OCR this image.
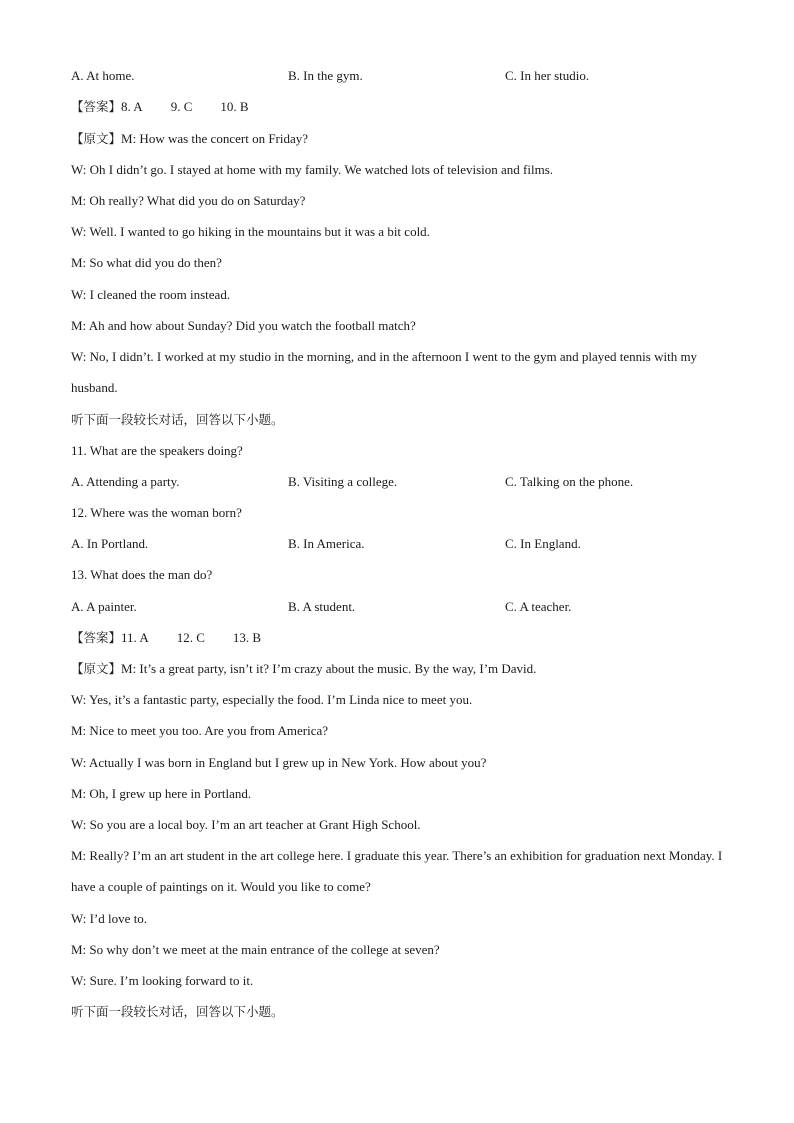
A. At home.	B. In the gym.	C. In her studio.
【答案】8. A 9. C 10. B
【原文】M: How was the concert on Friday?
W: Oh I didn’t go. I stayed at home with my family. We watched lots of television and films.
M: Oh really? What did you do on Saturday?
W: Well. I wanted to go hiking in the mountains but it was a bit cold.
M: So what did you do then?
W: I cleaned the room instead.
M: Ah and how about Sunday? Did you watch the football match?
W: No, I didn’t. I worked at my studio in the morning, and in the afternoon I went to the gym and played tennis with my husband.
听下面一段较长对话，回答以下小题。
11. What are the speakers doing?
A. Attending a party.	B. Visiting a college.	C. Talking on the phone.
12. Where was the woman born?
A. In Portland.	B. In America.	C. In England.
13. What does the man do?
A. A painter.	B. A student.	C. A teacher.
【答案】11. A 12. C 13. B
【原文】M: It’s a great party, isn’t it? I’m crazy about the music. By the way, I’m David.
W: Yes, it’s a fantastic party, especially the food. I’m Linda nice to meet you.
M: Nice to meet you too. Are you from America?
W: Actually I was born in England but I grew up in New York. How about you?
M: Oh, I grew up here in Portland.
W: So you are a local boy. I’m an art teacher at Grant High School.
M: Really? I’m an art student in the art college here. I graduate this year. There’s an exhibition for graduation next Monday. I have a couple of paintings on it. Would you like to come?
W: I’d love to.
M: So why don’t we meet at the main entrance of the college at seven?
W: Sure. I’m looking forward to it.
听下面一段较长对话，回答以下小题。
